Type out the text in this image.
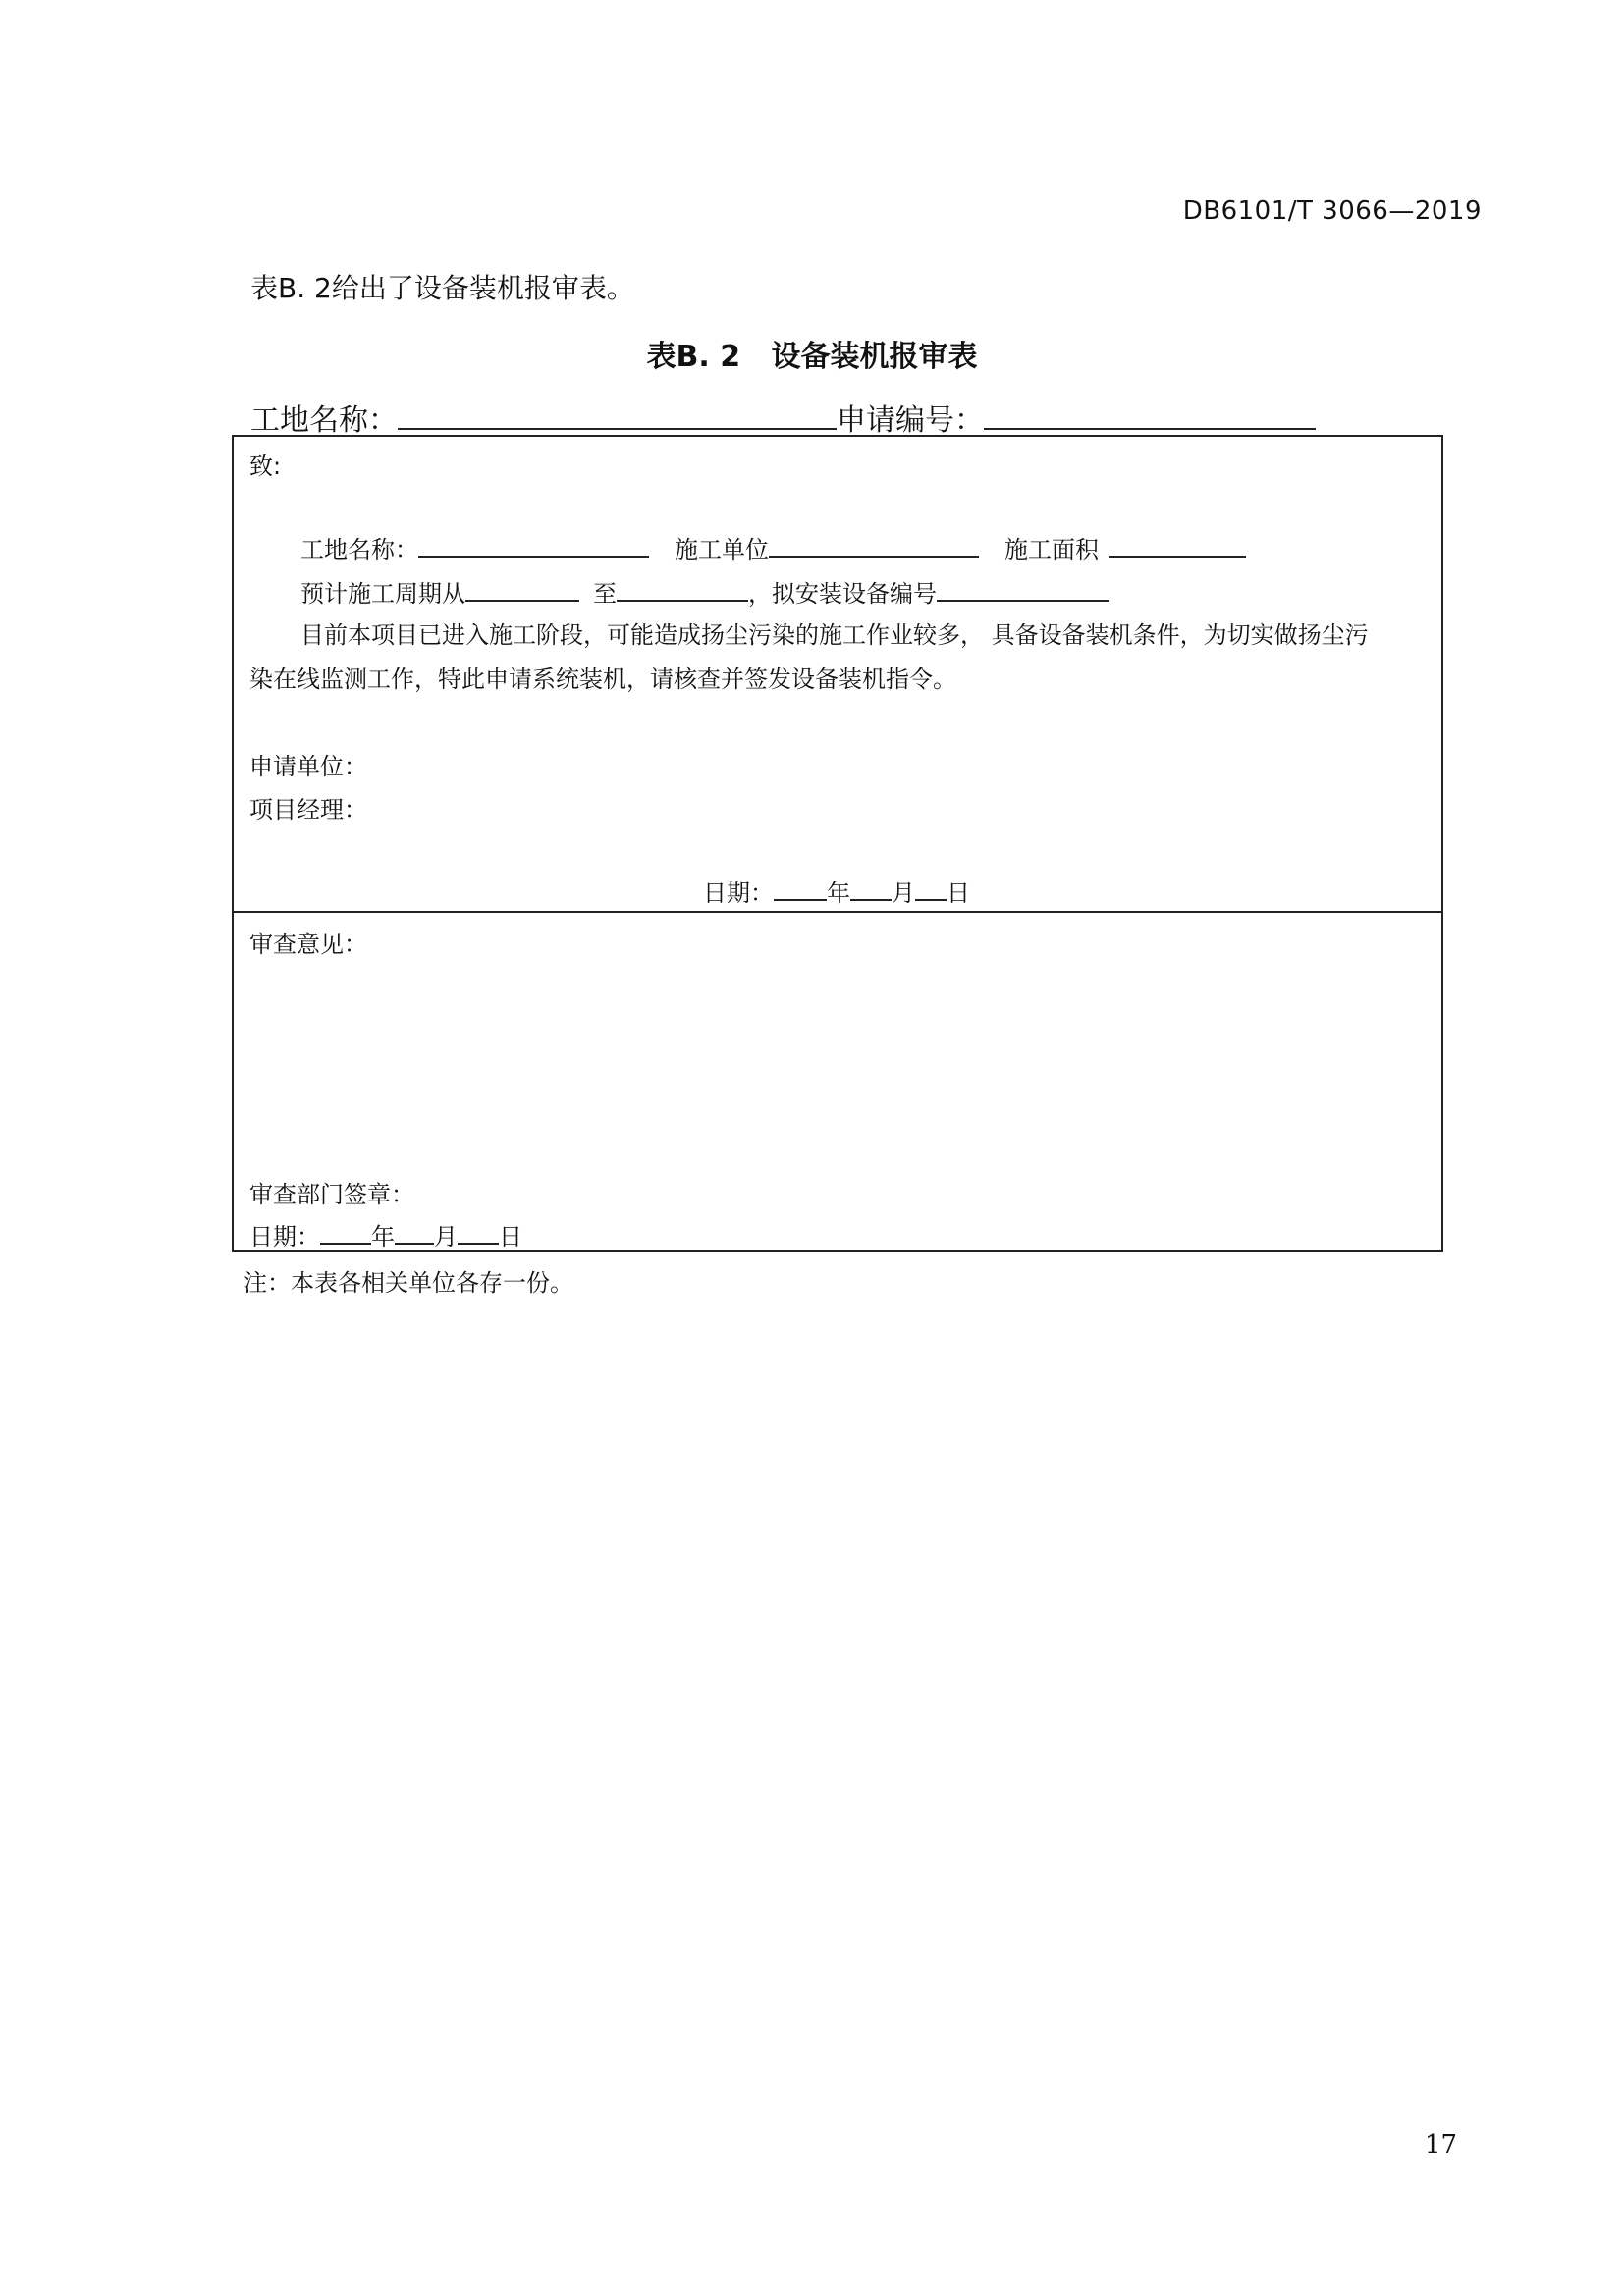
DB6101/T 3066—2019
表B. 2给出了设备装机报审表。
表B. 2   设备装机报审表
工地名称：	申请编号：
致:
工地名称：	施工单位	施工面积
预计施工周期从	至	，拟安装设备编号
目前本项目已进入施工阶段，可能造成扬尘污染的施工作业较多， 具备设备装机条件，为切实做扬尘污
染在线监测工作，特此申请系统装机，请核查并签发设备装机指令。
申请单位：
项目经理：
日期： 年 月 日
审查意见：
审查部门签章：
日期： 年 月 日
注：本表各相关单位各存一份。
17
